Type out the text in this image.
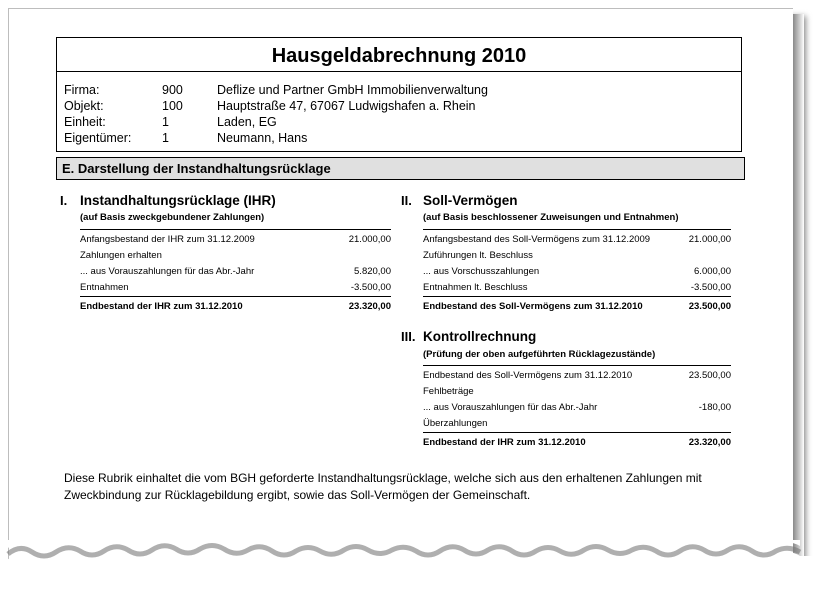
Hausgeldabrechnung 2010
Firma:	900	Deflize und Partner GmbH Immobilienverwaltung
Objekt:	100	Hauptstraße 47, 67067 Ludwigshafen a. Rhein
Einheit:	1	Laden, EG
Eigentümer: 1	Neumann, Hans
E. Darstellung der Instandhaltungsrücklage
I. Instandhaltungsrücklage (IHR)
(auf Basis zweckgebundener Zahlungen)
Anfangsbestand der IHR zum 31.12.2009	21.000,00
Zahlungen erhalten
... aus Vorauszahlungen für das Abr.-Jahr	5.820,00
Entnahmen	-3.500,00
Endbestand der IHR zum 31.12.2010	23.320,00
II. Soll-Vermögen
(auf Basis beschlossener Zuweisungen und Entnahmen)
Anfangsbestand des Soll-Vermögens zum 31.12.2009	21.000,00
Zuführungen lt. Beschluss
... aus Vorschusszahlungen	6.000,00
Entnahmen lt. Beschluss	-3.500,00
Endbestand des Soll-Vermögens zum 31.12.2010	23.500,00
III. Kontrollrechnung
(Prüfung der oben aufgeführten Rücklagezustände)
Endbestand des Soll-Vermögens zum 31.12.2010	23.500,00
Fehlbeträge
... aus Vorauszahlungen für das Abr.-Jahr	-180,00
Überzahlungen
Endbestand der IHR zum 31.12.2010	23.320,00
Diese Rubrik einhaltet die vom BGH geforderte Instandhaltungsrücklage, welche sich aus den erhaltenen Zahlungen mit Zweckbindung zur Rücklagebildung ergibt, sowie das Soll-Vermögen der Gemeinschaft.
